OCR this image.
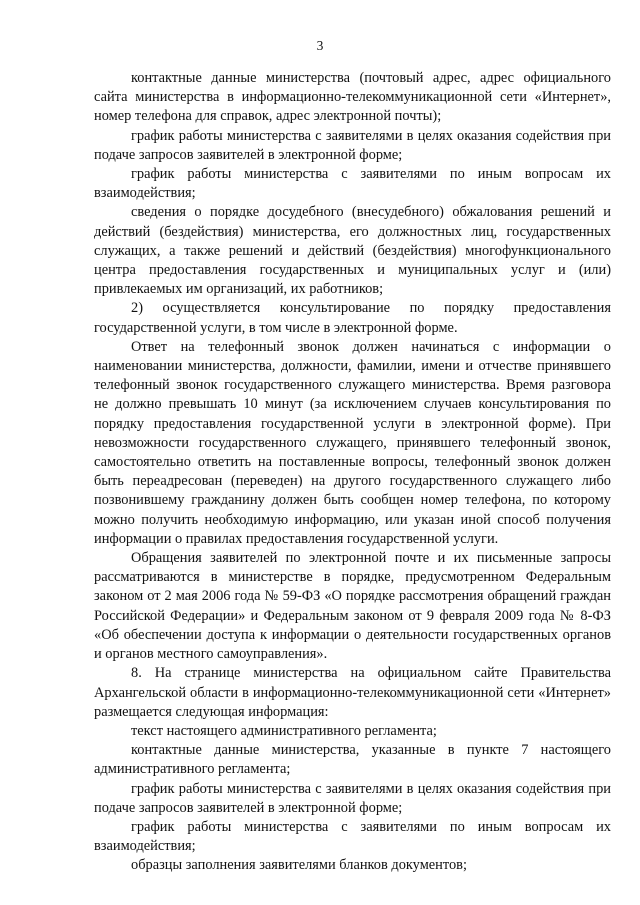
3

контактные данные министерства (почтовый адрес, адрес официального сайта министерства в информационно-телекоммуникационной сети «Интернет», номер телефона для справок, адрес электронной почты);

график работы министерства с заявителями в целях оказания содействия при подаче запросов заявителей в электронной форме;

график работы министерства с заявителями по иным вопросам их взаимодействия;

сведения о порядке досудебного (внесудебного) обжалования решений и действий (бездействия) министерства, его должностных лиц, государственных служащих, а также решений и действий (бездействия) многофункционального центра предоставления государственных и муниципальных услуг и (или) привлекаемых им организаций, их работников;

2) осуществляется консультирование по порядку предоставления государственной услуги, в том числе в электронной форме.

Ответ на телефонный звонок должен начинаться с информации о наименовании министерства, должности, фамилии, имени и отчестве принявшего телефонный звонок государственного служащего министерства. Время разговора не должно превышать 10 минут (за исключением случаев консультирования по порядку предоставления государственной услуги в электронной форме). При невозможности государственного служащего, принявшего телефонный звонок, самостоятельно ответить на поставленные вопросы, телефонный звонок должен быть переадресован (переведен) на другого государственного служащего либо позвонившему гражданину должен быть сообщен номер телефона, по которому можно получить необходимую информацию, или указан иной способ получения информации о правилах предоставления государственной услуги.

Обращения заявителей по электронной почте и их письменные запросы рассматриваются в министерстве в порядке, предусмотренном Федеральным законом от 2 мая 2006 года № 59-ФЗ «О порядке рассмотрения обращений граждан Российской Федерации» и Федеральным законом от 9 февраля 2009 года № 8-ФЗ «Об обеспечении доступа к информации о деятельности государственных органов и органов местного самоуправления».

8. На странице министерства на официальном сайте Правительства Архангельской области в информационно-телекоммуникационной сети «Интернет» размещается следующая информация:

текст настоящего административного регламента;

контактные данные министерства, указанные в пункте 7 настоящего административного регламента;

график работы министерства с заявителями в целях оказания содействия при подаче запросов заявителей в электронной форме;

график работы министерства с заявителями по иным вопросам их взаимодействия;

образцы заполнения заявителями бланков документов;
